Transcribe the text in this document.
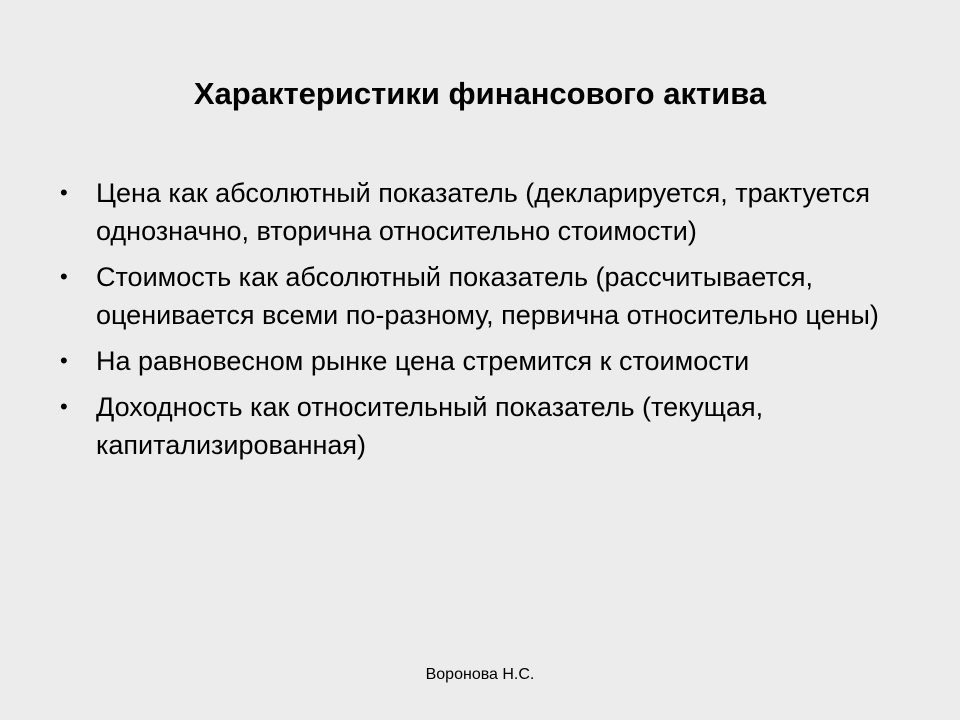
Характеристики финансового актива
•	Цена как абсолютный показатель (декларируется, трактуется однозначно, вторична относительно стоимости)
•	Стоимость как абсолютный показатель (рассчитывается, оценивается всеми по-разному, первична относительно цены)
•	На равновесном рынке цена стремится к стоимости
•	Доходность как относительный показатель (текущая, капитализированная)
Воронова Н.С.
